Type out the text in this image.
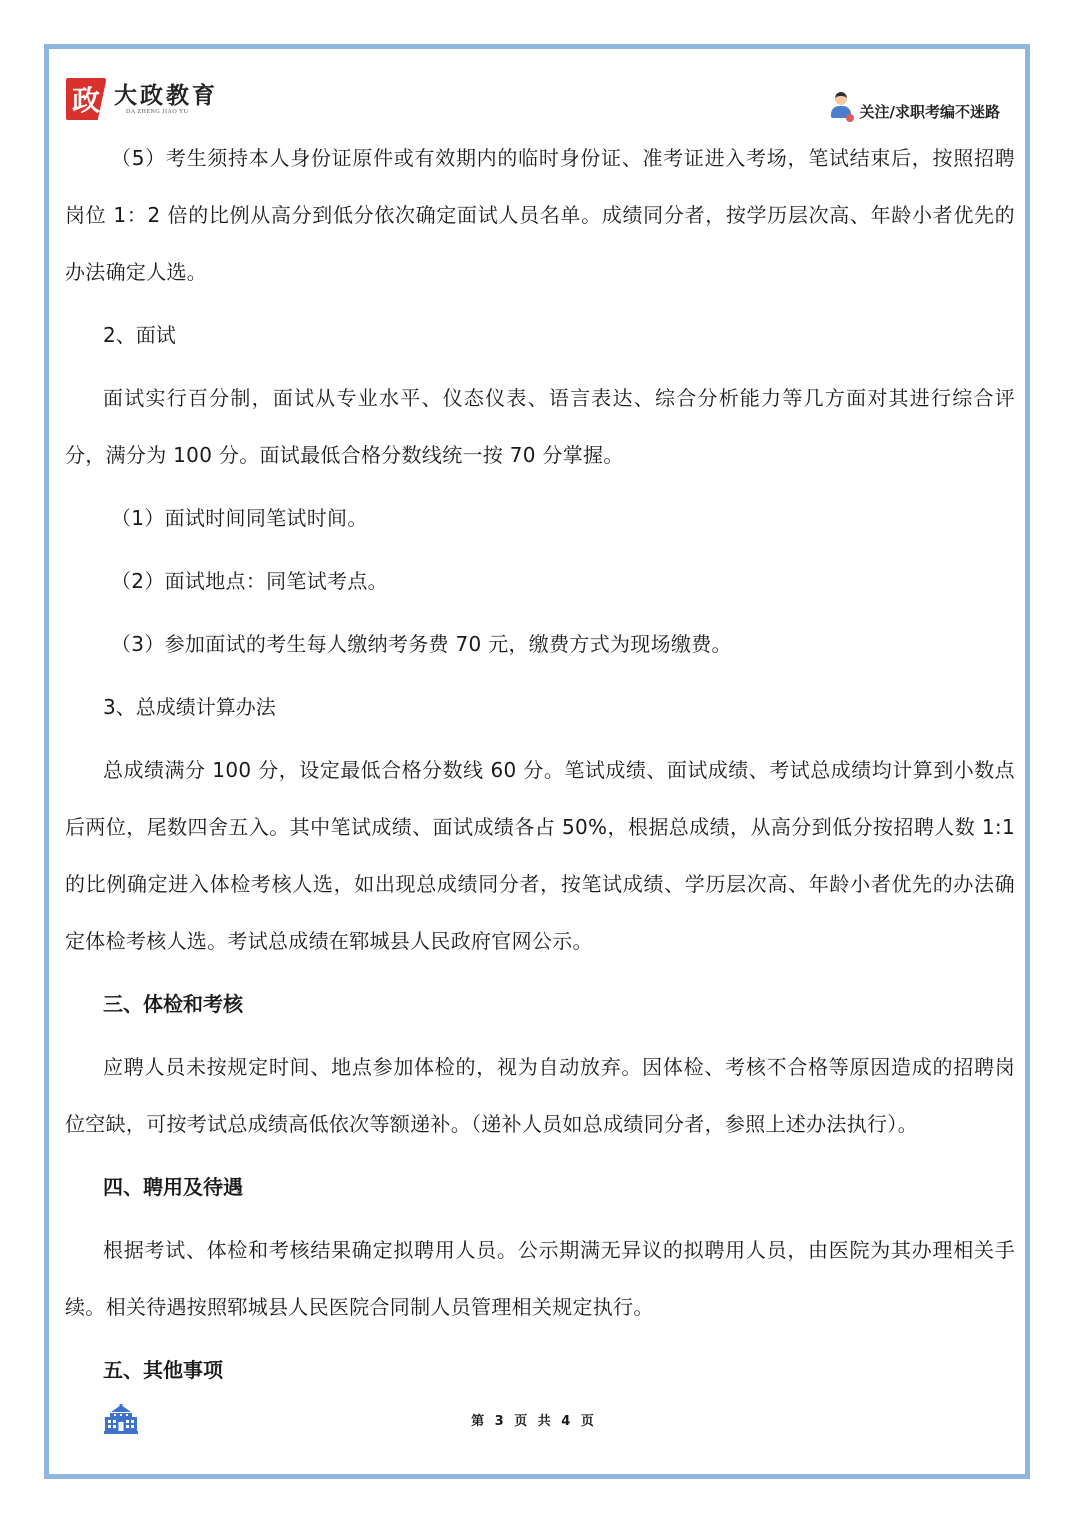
政 大政教育
DA ZHENG JIAO YU	关注/求职考编不迷路

（5）考生须持本人身份证原件或有效期内的临时身份证、准考证进入考场，笔试结束后，按照招聘岗位 1：2 倍的比例从高分到低分依次确定面试人员名单。成绩同分者，按学历层次高、年龄小者优先的办法确定人选。

2、面试

面试实行百分制，面试从专业水平、仪态仪表、语言表达、综合分析能力等几方面对其进行综合评分，满分为 100 分。面试最低合格分数线统一按 70 分掌握。

（1）面试时间同笔试时间。

（2）面试地点：同笔试考点。

（3）参加面试的考生每人缴纳考务费 70 元，缴费方式为现场缴费。

3、总成绩计算办法

总成绩满分 100 分，设定最低合格分数线 60 分。笔试成绩、面试成绩、考试总成绩均计算到小数点后两位，尾数四舍五入。其中笔试成绩、面试成绩各占 50%，根据总成绩，从高分到低分按招聘人数 1:1 的比例确定进入体检考核人选，如出现总成绩同分者，按笔试成绩、学历层次高、年龄小者优先的办法确定体检考核人选。考试总成绩在郓城县人民政府官网公示。

三、体检和考核

应聘人员未按规定时间、地点参加体检的，视为自动放弃。因体检、考核不合格等原因造成的招聘岗位空缺，可按考试总成绩高低依次等额递补。（递补人员如总成绩同分者，参照上述办法执行）。

四、聘用及待遇

根据考试、体检和考核结果确定拟聘用人员。公示期满无异议的拟聘用人员，由医院为其办理相关手续。相关待遇按照郓城县人民医院合同制人员管理相关规定执行。

五、其他事项

第 3 页 共 4 页
